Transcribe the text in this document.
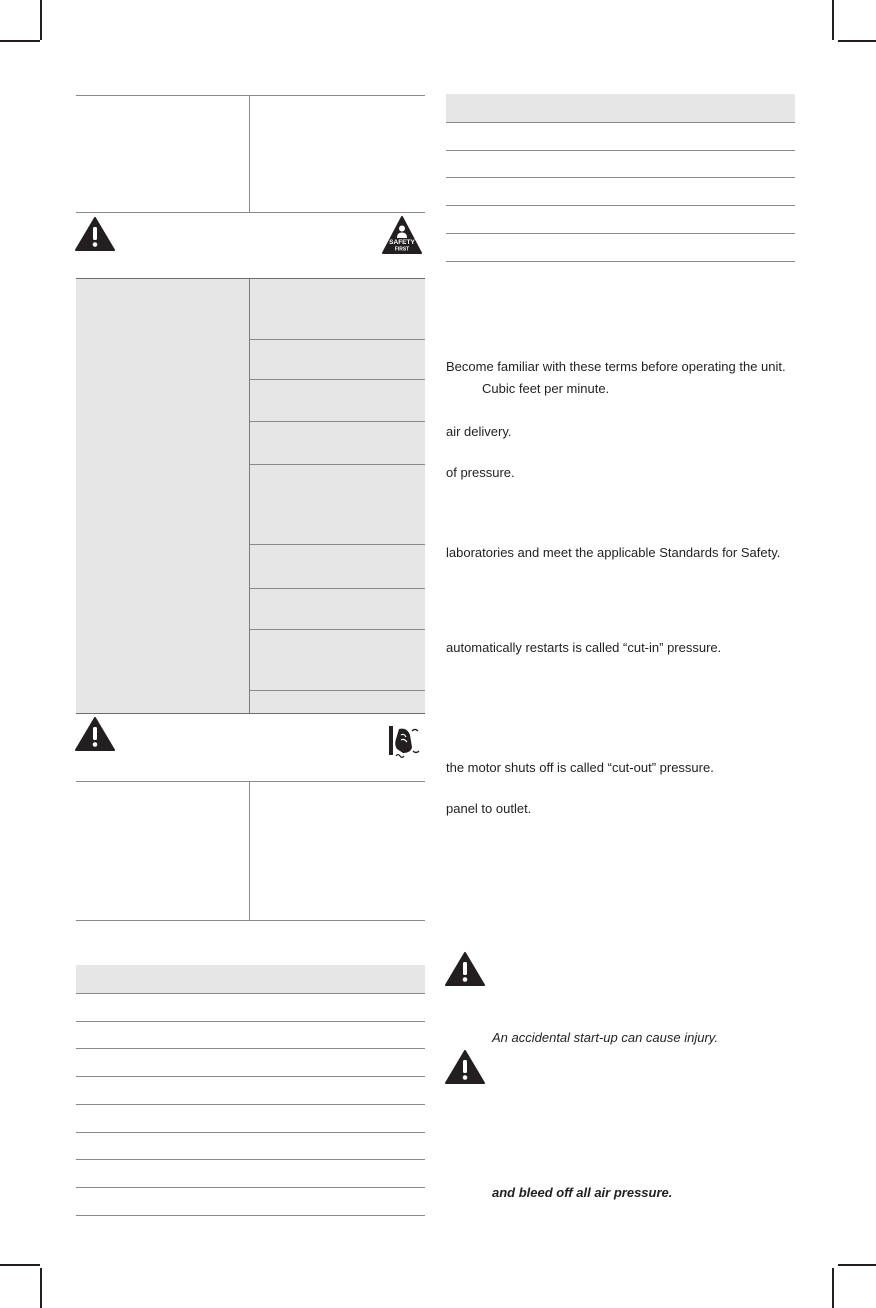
SAFETY
FIRST
Become familiar with these terms before operating the unit.
Cubic feet per minute.
air delivery.
of pressure.
laboratories and meet the applicable Standards for Safety.
automatically restarts is called “cut-in” pressure.
the motor shuts off is called “cut-out” pressure.
panel to outlet.
An accidental start-up can cause injury.
and bleed off all air pressure.
